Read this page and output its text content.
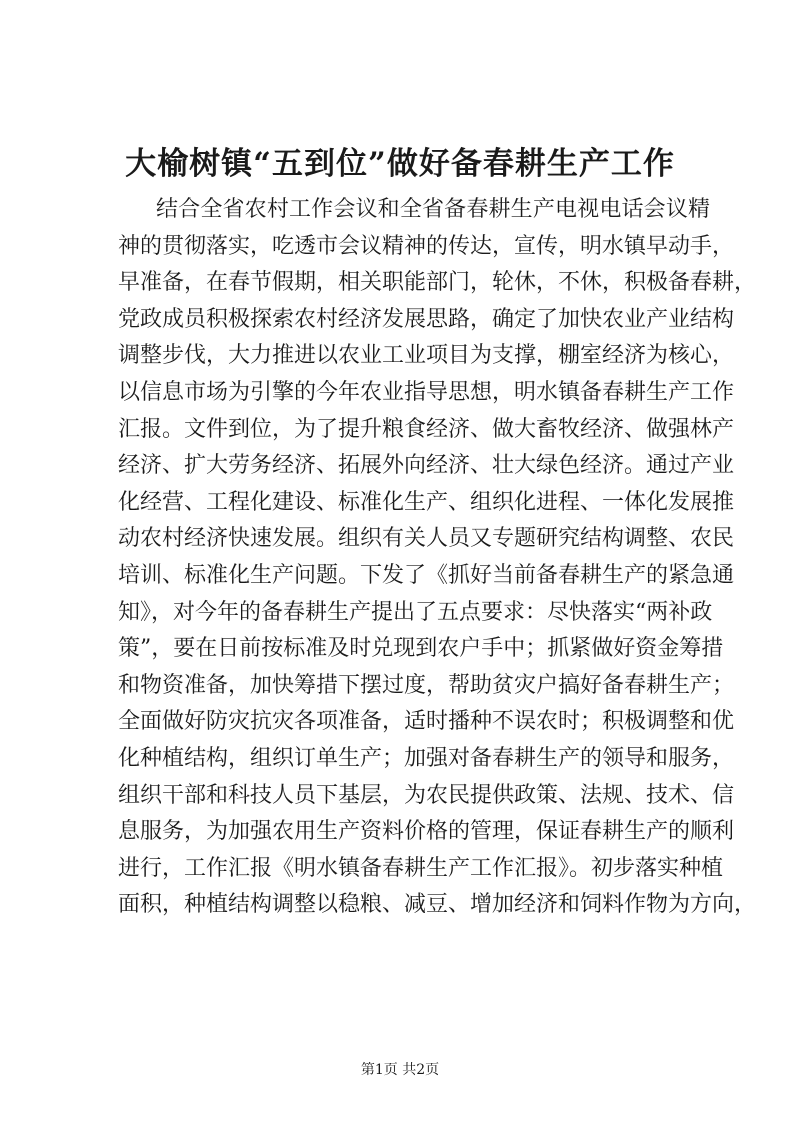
大榆树镇“五到位”做好备春耕生产工作
结合全省农村工作会议和全省备春耕生产电视电话会议精
神的贯彻落实，吃透市会议精神的传达，宣传，明水镇早动手，
早准备，在春节假期，相关职能部门，轮休，不休，积极备春耕，
党政成员积极探索农村经济发展思路，确定了加快农业产业结构
调整步伐，大力推进以农业工业项目为支撑，棚室经济为核心，
以信息市场为引擎的今年农业指导思想，明水镇备春耕生产工作
汇报。文件到位，为了提升粮食经济、做大畜牧经济、做强林产
经济、扩大劳务经济、拓展外向经济、壮大绿色经济。通过产业
化经营、工程化建设、标准化生产、组织化进程、一体化发展推
动农村经济快速发展。组织有关人员又专题研究结构调整、农民
培训、标准化生产问题。下发了《抓好当前备春耕生产的紧急通
知》，对今年的备春耕生产提出了五点要求：尽快落实“两补政
策”，要在日前按标准及时兑现到农户手中；抓紧做好资金筹措
和物资准备，加快筹措下摆过度，帮助贫灾户搞好备春耕生产；
全面做好防灾抗灾各项准备，适时播种不误农时；积极调整和优
化种植结构，组织订单生产；加强对备春耕生产的领导和服务，
组织干部和科技人员下基层，为农民提供政策、法规、技术、信
息服务，为加强农用生产资料价格的管理，保证春耕生产的顺利
进行，工作汇报《明水镇备春耕生产工作汇报》。初步落实种植
面积，种植结构调整以稳粮、减豆、增加经济和饲料作物为方向，
第1页 共2页
